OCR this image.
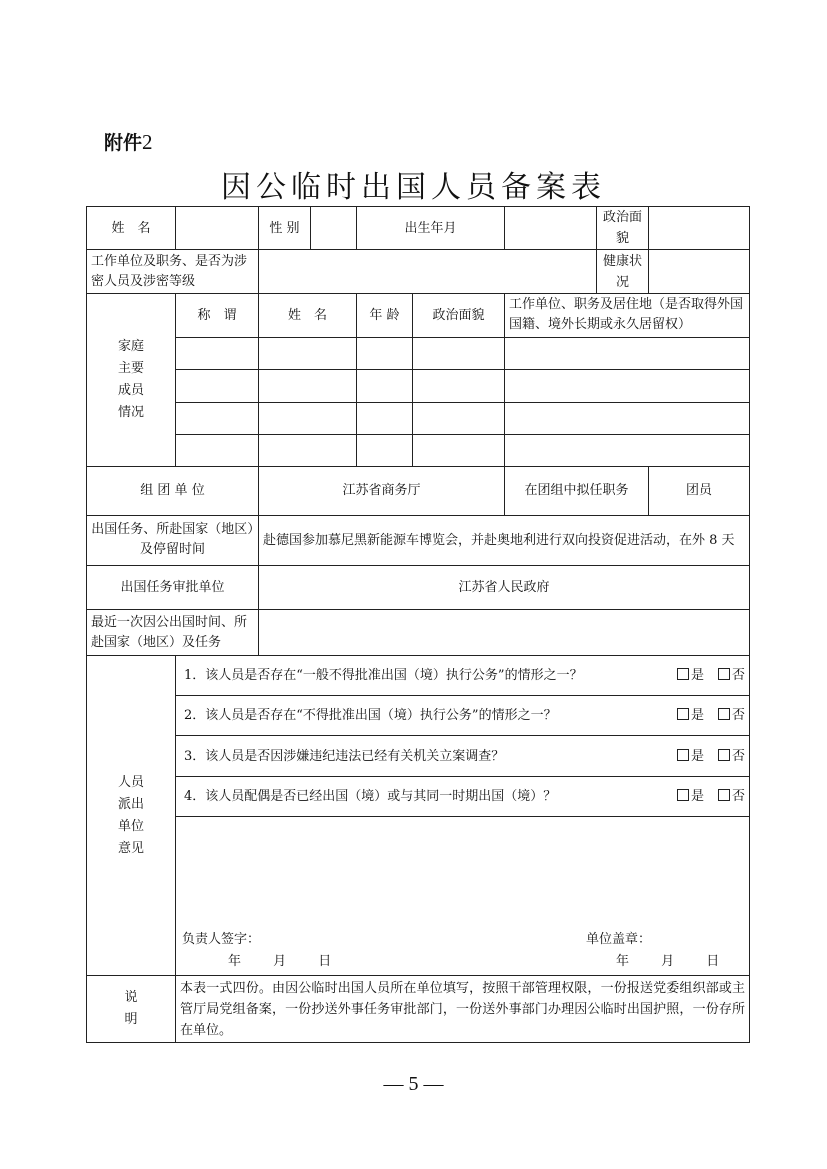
附件2
因公临时出国人员备案表
姓　名		性 别		出生年月			政治面貌	
工作单位及职务、是否为涉密人员及涉密等级							健康状况	

家庭主要成员情况	称　谓	姓　名		年 龄	政治面貌	工作单位、职务及居住地（是否取得外国国籍、境外长期或永久居留权）		

组 团 单 位		江苏省商务厅				在团组中拟任职务		团员
出国任务、所赴国家（地区）及停留时间		赴德国参加慕尼黑新能源车博览会，并赴奥地利进行双向投资促进活动，在外 8 天						
出国任务审批单位		江苏省人民政府						
最近一次因公出国时间、所赴国家（地区）及任务								

人员派出单位意见	1．该人员是否存在“一般不得批准出国（境）执行公务”的情形之一？ 是 否							

	2．该人员是否存在“不得批准出国（境）执行公务”的情形之一？ 是 否							

	3．该人员是否因涉嫌违纪违法已经有关机关立案调查？ 是 否							

	4．该人员配偶是否已经出国（境）或与其同一时期出国（境）？ 是 否							

	负责人签字： 单位盖章：
年 月 日 年 月 日							

说明	本表一式四份。由因公临时出国人员所在单位填写，按照干部管理权限，一份报送党委组织部或主管厅局党组备案，一份抄送外事任务审批部门，一份送外事部门办理因公临时出国护照，一份存所在单位。							
— 5 —
